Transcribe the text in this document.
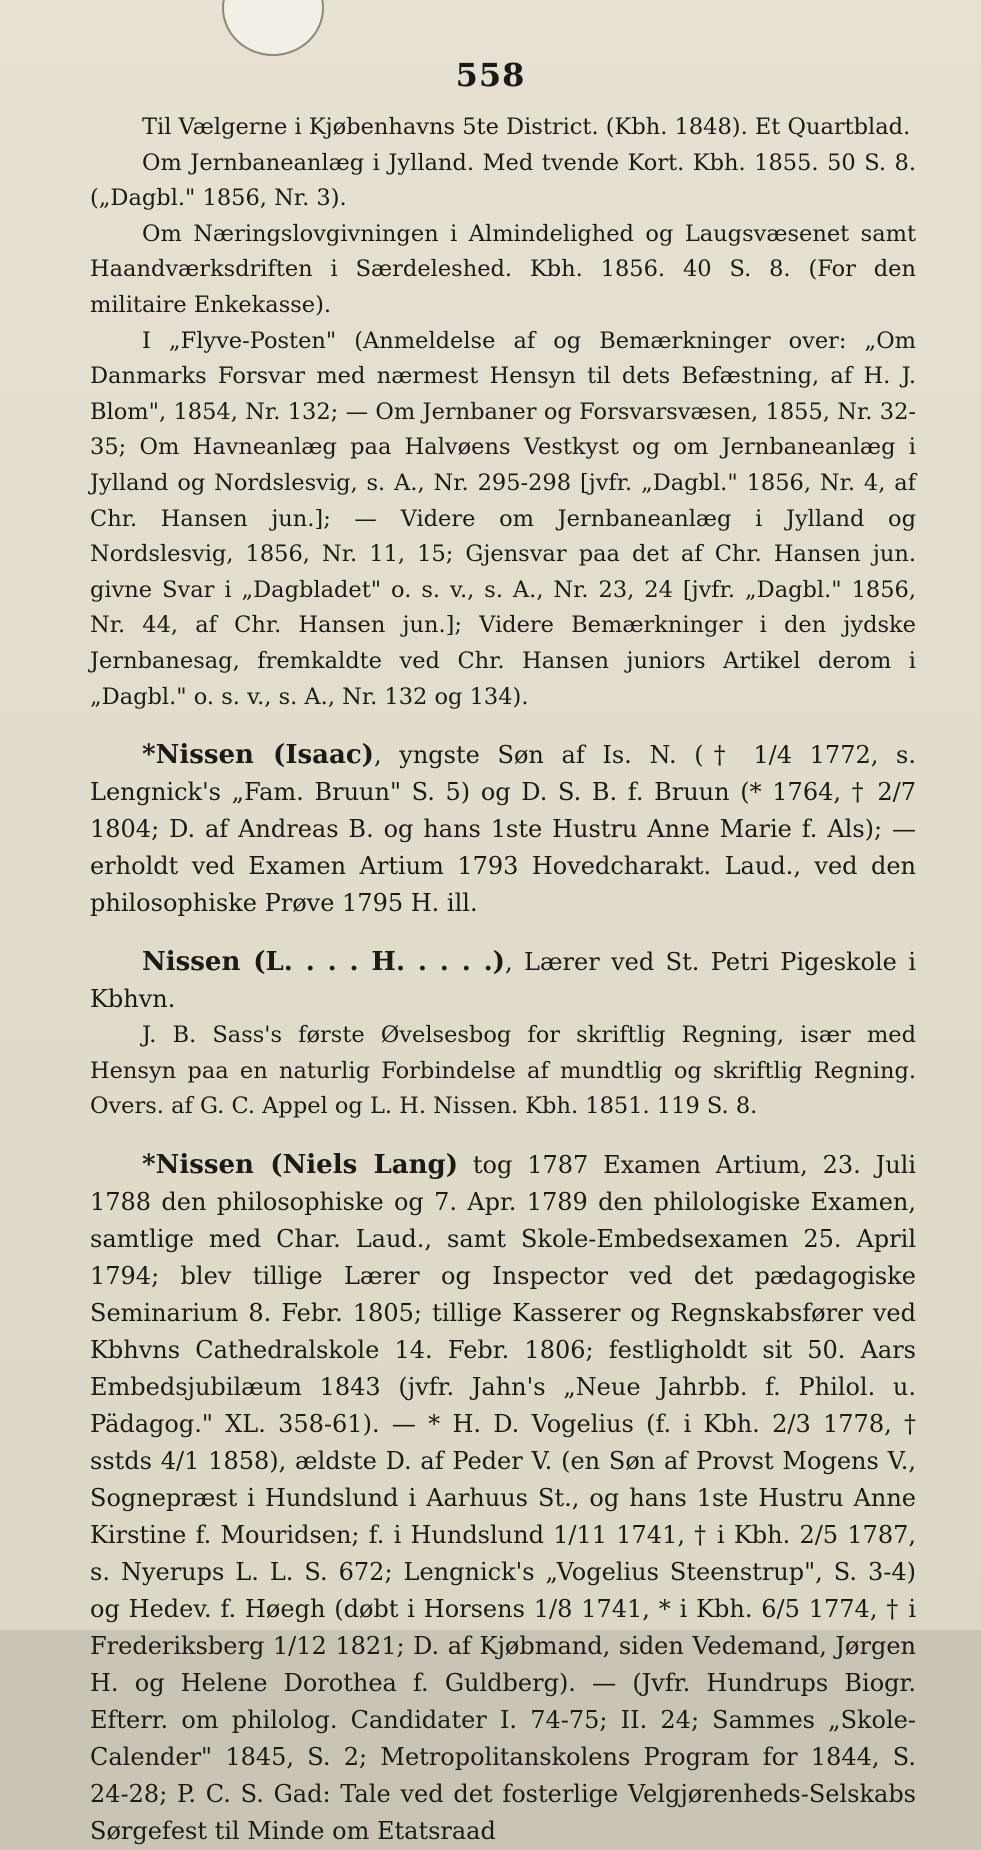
558

Til Vælgerne i Kjøbenhavns 5te District. (Kbh. 1848). Et Quartblad.

Om Jernbaneanlæg i Jylland. Med tvende Kort. Kbh. 1855. 50 S. 8. („Dagbl." 1856, Nr. 3).

Om Næringslovgivningen i Almindelighed og Laugsvæsenet samt Haandværksdriften i Særdeleshed. Kbh. 1856. 40 S. 8. (For den militaire Enkekasse).

I „Flyve-Posten" (Anmeldelse af og Bemærkninger over: „Om Danmarks Forsvar med nærmest Hensyn til dets Befæstning, af H. J. Blom", 1854, Nr. 132; — Om Jernbaner og Forsvarsvæsen, 1855, Nr. 32-35; Om Havneanlæg paa Halvøens Vestkyst og om Jernbaneanlæg i Jylland og Nordslesvig, s. A., Nr. 295-298 [jvfr. „Dagbl." 1856, Nr. 4, af Chr. Hansen jun.]; — Videre om Jernbaneanlæg i Jylland og Nordslesvig, 1856, Nr. 11, 15; Gjensvar paa det af Chr. Hansen jun. givne Svar i „Dagbladet" o. s. v., s. A., Nr. 23, 24 [jvfr. „Dagbl." 1856, Nr. 44, af Chr. Hansen jun.]; Videre Bemærkninger i den jydske Jernbanesag, fremkaldte ved Chr. Hansen juniors Artikel derom i „Dagbl." o. s. v., s. A., Nr. 132 og 134).

*Nissen (Isaac), yngste Søn af Is. N. († 1/4 1772, s. Lengnick's „Fam. Bruun" S. 5) og D. S. B. f. Bruun (* 1764, † 2/7 1804; D. af Andreas B. og hans 1ste Hustru Anne Marie f. Als); — erholdt ved Examen Artium 1793 Hovedcharakt. Laud., ved den philosophiske Prøve 1795 H. ill.

Nissen (L. . . . H. . . . .), Lærer ved St. Petri Pigeskole i Kbhvn.

J. B. Sass's første Øvelsesbog for skriftlig Regning, især med Hensyn paa en naturlig Forbindelse af mundtlig og skriftlig Regning. Overs. af G. C. Appel og L. H. Nissen. Kbh. 1851. 119 S. 8.

*Nissen (Niels Lang) tog 1787 Examen Artium, 23. Juli 1788 den philosophiske og 7. Apr. 1789 den philologiske Examen, samtlige med Char. Laud., samt Skole-Embedsexamen 25. April 1794; blev tillige Lærer og Inspector ved det pædagogiske Seminarium 8. Febr. 1805; tillige Kasserer og Regnskabsfører ved Kbhvns Cathedralskole 14. Febr. 1806; festligholdt sit 50. Aars Embedsjubilæum 1843 (jvfr. Jahn's „Neue Jahrbb. f. Philol. u. Pädagog." XL. 358-61). — * H. D. Vogelius (f. i Kbh. 2/3 1778, † sstds 4/1 1858), ældste D. af Peder V. (en Søn af Provst Mogens V., Sognepræst i Hundslund i Aarhuus St., og hans 1ste Hustru Anne Kirstine f. Mouridsen; f. i Hundslund 1/11 1741, † i Kbh. 2/5 1787, s. Nyerups L. L. S. 672; Lengnick's „Vogelius Steenstrup", S. 3-4) og Hedev. f. Høegh (døbt i Horsens 1/8 1741, * i Kbh. 6/5 1774, † i Frederiksberg 1/12 1821; D. af Kjøbmand, siden Vedemand, Jørgen H. og Helene Dorothea f. Guldberg). — (Jvfr. Hundrups Biogr. Efterr. om philolog. Candidater I. 74-75; II. 24; Sammes „Skole-Calender" 1845, S. 2; Metropolitanskolens Program for 1844, S. 24-28; P. C. S. Gad: Tale ved det fosterlige Velgjørenheds-Selskabs Sørgefest til Minde om Etatsraad
